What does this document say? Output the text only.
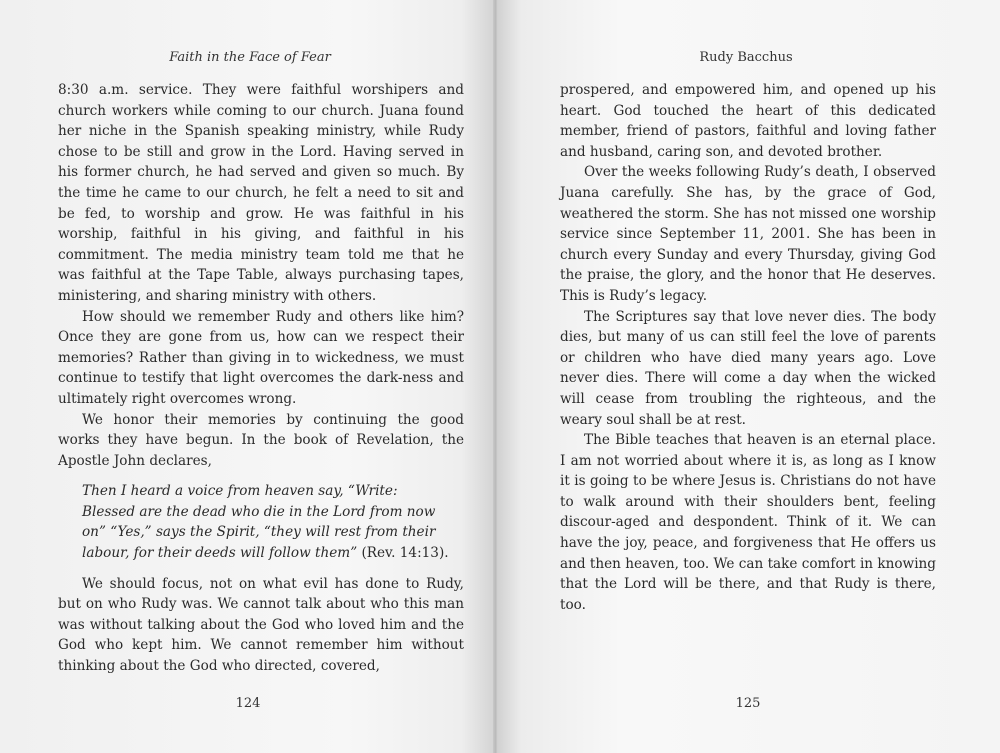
Faith in the Face of Fear

8:30 a.m. service. They were faithful worshipers and church workers while coming to our church. Juana found her niche in the Spanish speaking ministry, while Rudy chose to be still and grow in the Lord. Having served in his former church, he had served and given so much. By the time he came to our church, he felt a need to sit and be fed, to worship and grow. He was faithful in his worship, faithful in his giving, and faithful in his commitment. The media ministry team told me that he was faithful at the Tape Table, always purchasing tapes, ministering, and sharing ministry with others.

How should we remember Rudy and others like him? Once they are gone from us, how can we respect their memories? Rather than giving in to wickedness, we must continue to testify that light overcomes the dark-ness and ultimately right overcomes wrong.

We honor their memories by continuing the good works they have begun. In the book of Revelation, the Apostle John declares,

Then I heard a voice from heaven say, “Write: Blessed are the dead who die in the Lord from now on” “Yes,” says the Spirit, “they will rest from their labour, for their deeds will follow them” (Rev. 14:13).

We should focus, not on what evil has done to Rudy, but on who Rudy was. We cannot talk about who this man was without talking about the God who loved him and the God who kept him. We cannot remember him without thinking about the God who directed, covered,

124
Rudy Bacchus

prospered, and empowered him, and opened up his heart. God touched the heart of this dedicated member, friend of pastors, faithful and loving father and husband, caring son, and devoted brother.

Over the weeks following Rudy’s death, I observed Juana carefully. She has, by the grace of God, weathered the storm. She has not missed one worship service since September 11, 2001. She has been in church every Sunday and every Thursday, giving God the praise, the glory, and the honor that He deserves. This is Rudy’s legacy.

The Scriptures say that love never dies. The body dies, but many of us can still feel the love of parents or children who have died many years ago. Love never dies. There will come a day when the wicked will cease from troubling the righteous, and the weary soul shall be at rest.

The Bible teaches that heaven is an eternal place. I am not worried about where it is, as long as I know it is going to be where Jesus is. Christians do not have to walk around with their shoulders bent, feeling discour-aged and despondent. Think of it. We can have the joy, peace, and forgiveness that He offers us and then heaven, too. We can take comfort in knowing that the Lord will be there, and that Rudy is there, too.

125
